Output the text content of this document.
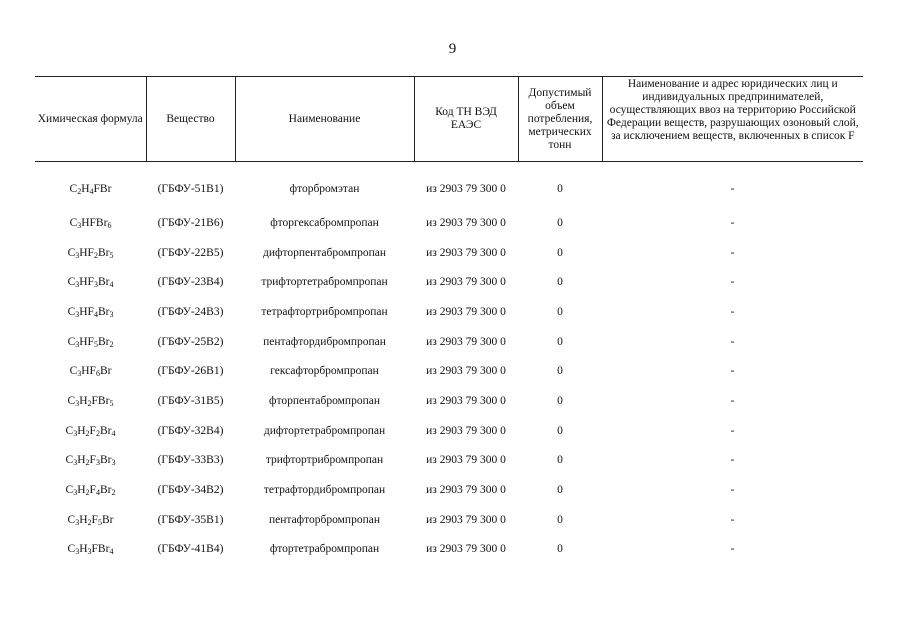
9
Химическая формула	Вещество	Наименование	Код ТН ВЭД ЕАЭС	Допустимый объем потребления, метрических тонн	Наименование и адрес юридических лиц и индивидуальных предпринимателей, осуществляющих ввоз на территорию Российской Федерации веществ, разрушающих озоновый слой, за исключением веществ, включенных в список F
$C_2H_4FBr$	(ГБФУ-51В1)	фторбромэтан	из 2903 79 300 0	0	-
$C_3HFBr_6$	(ГБФУ-21В6)	фторгексабромпропан	из 2903 79 300 0	0	-
$C_3HF_2Br_5$	(ГБФУ-22В5)	дифторпентабромпропан	из 2903 79 300 0	0	-
$C_3HF_3Br_4$	(ГБФУ-23В4)	трифтортетрабромпропан	из 2903 79 300 0	0	-
$C_3HF_4Br_3$	(ГБФУ-24В3)	тетрафтортрибромпропан	из 2903 79 300 0	0	-
$C_3HF_5Br_2$	(ГБФУ-25В2)	пентафтордибромпропан	из 2903 79 300 0	0	-
$C_3HF_6Br$	(ГБФУ-26В1)	гексафторбромпропан	из 2903 79 300 0	0	-
$C_3H_2FBr_5$	(ГБФУ-31В5)	фторпентабромпропан	из 2903 79 300 0	0	-
$C_3H_2F_2Br_4$	(ГБФУ-32В4)	дифтортетрабромпропан	из 2903 79 300 0	0	-
$C_3H_2F_3Br_3$	(ГБФУ-33В3)	трифтортрибромпропан	из 2903 79 300 0	0	-
$C_3H_2F_4Br_2$	(ГБФУ-34В2)	тетрафтордибромпропан	из 2903 79 300 0	0	-
$C_3H_2F_5Br$	(ГБФУ-35В1)	пентафторбромпропан	из 2903 79 300 0	0	-
$C_3H_3FBr_4$	(ГБФУ-41В4)	фтортетрабромпропан	из 2903 79 300 0	0	-
